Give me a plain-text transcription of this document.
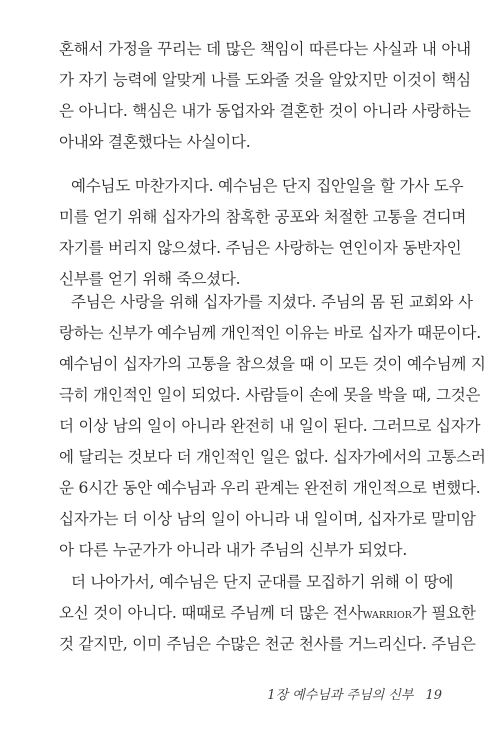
혼해서 가정을 꾸리는 데 많은 책임이 따른다는 사실과 내 아내
가 자기 능력에 알맞게 나를 도와줄 것을 알았지만 이것이 핵심
은 아니다. 핵심은 내가 동업자와 결혼한 것이 아니라 사랑하는
아내와 결혼했다는 사실이다.
예수님도 마찬가지다. 예수님은 단지 집안일을 할 가사 도우
미를 얻기 위해 십자가의 참혹한 공포와 처절한 고통을 견디며
자기를 버리지 않으셨다. 주님은 사랑하는 연인이자 동반자인
신부를 얻기 위해 죽으셨다.
주님은 사랑을 위해 십자가를 지셨다. 주님의 몸 된 교회와 사
랑하는 신부가 예수님께 개인적인 이유는 바로 십자가 때문이다.
예수님이 십자가의 고통을 참으셨을 때 이 모든 것이 예수님께 지
극히 개인적인 일이 되었다. 사람들이 손에 못을 박을 때, 그것은
더 이상 남의 일이 아니라 완전히 내 일이 된다. 그러므로 십자가
에 달리는 것보다 더 개인적인 일은 없다. 십자가에서의 고통스러
운 6시간 동안 예수님과 우리 관계는 완전히 개인적으로 변했다.
십자가는 더 이상 남의 일이 아니라 내 일이며, 십자가로 말미암
아 다른 누군가가 아니라 내가 주님의 신부가 되었다.
더 나아가서, 예수님은 단지 군대를 모집하기 위해 이 땅에
오신 것이 아니다. 때때로 주님께 더 많은 전사WARRIOR가 필요한
것 같지만, 이미 주님은 수많은 천군 천사를 거느리신다. 주님은
1장 예수님과 주님의 신부 19
